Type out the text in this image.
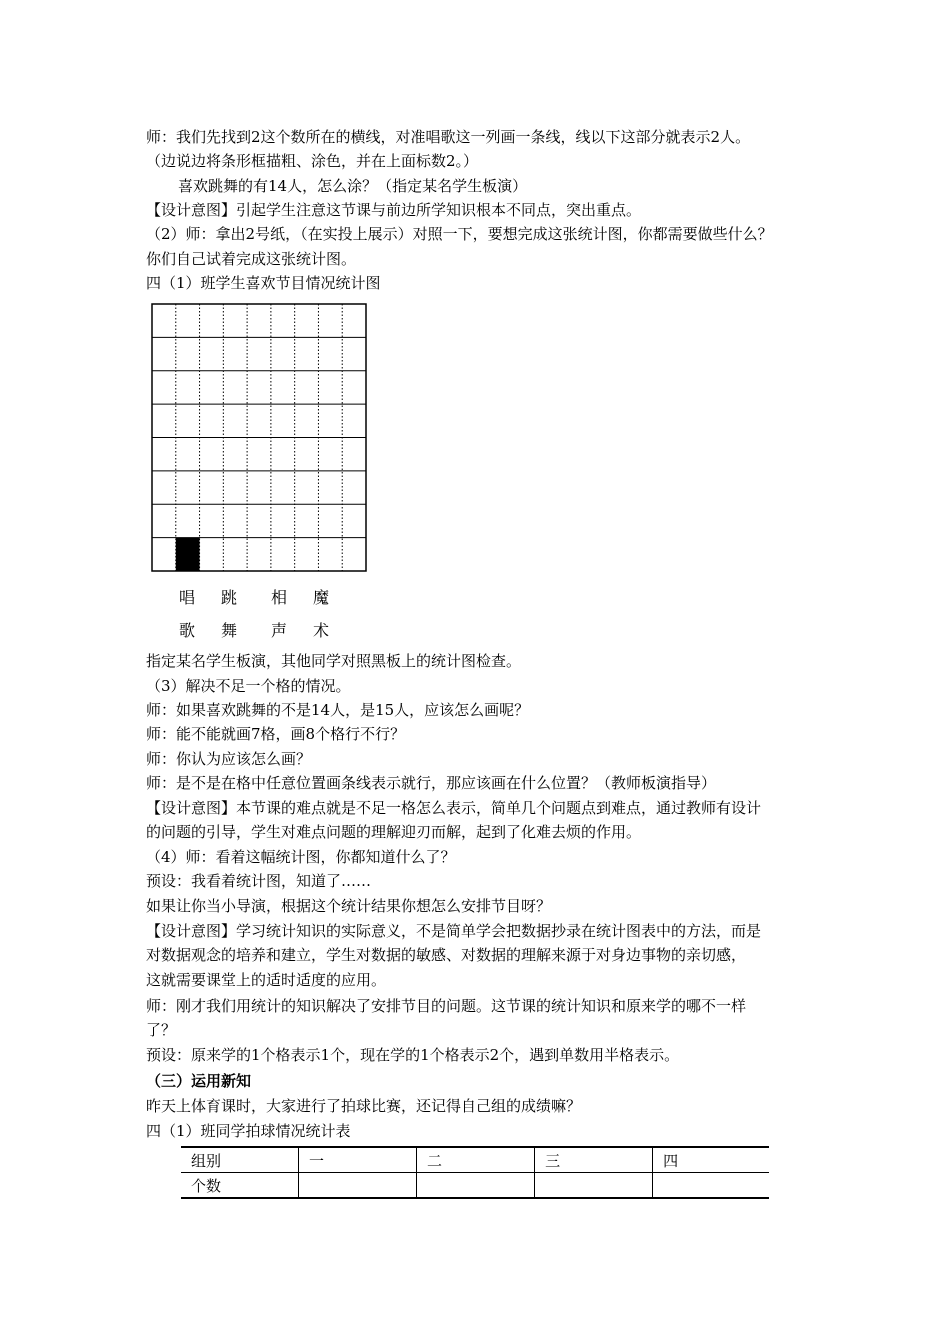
师：我们先找到2这个数所在的横线，对准唱歌这一列画一条线，线以下这部分就表示2人。
（边说边将条形框描粗、涂色，并在上面标数2。）
喜欢跳舞的有14人，怎么涂？（指定某名学生板演）
【设计意图】引起学生注意这节课与前边所学知识根本不同点，突出重点。
（2）师：拿出2号纸，（在实投上展示）对照一下，要想完成这张统计图，你都需要做些什么？
你们自己试着完成这张统计图。
四（1）班学生喜欢节目情况统计图
唱
歌
跳
舞
相
声
魔
术
指定某名学生板演，其他同学对照黑板上的统计图检查。
（3）解决不足一个格的情况。
师：如果喜欢跳舞的不是14人，是15人，应该怎么画呢？
师：能不能就画7格，画8个格行不行？
师：你认为应该怎么画？
师：是不是在格中任意位置画条线表示就行，那应该画在什么位置？（教师板演指导）
【设计意图】本节课的难点就是不足一格怎么表示，简单几个问题点到难点，通过教师有设计
的问题的引导，学生对难点问题的理解迎刃而解，起到了化难去烦的作用。
（4）师：看着这幅统计图，你都知道什么了？
预设：我看着统计图，知道了……
如果让你当小导演，根据这个统计结果你想怎么安排节目呀？
【设计意图】学习统计知识的实际意义，不是简单学会把数据抄录在统计图表中的方法，而是
对数据观念的培养和建立，学生对数据的敏感、对数据的理解来源于对身边事物的亲切感，
这就需要课堂上的适时适度的应用。
师：刚才我们用统计的知识解决了安排节目的问题。这节课的统计知识和原来学的哪不一样
了？
预设：原来学的1个格表示1个，现在学的1个格表示2个，遇到单数用半格表示。
（三）运用新知
昨天上体育课时，大家进行了拍球比赛，还记得自己组的成绩嘛？
四（1）班同学拍球情况统计表
组别	一	二	三	四
个数				
